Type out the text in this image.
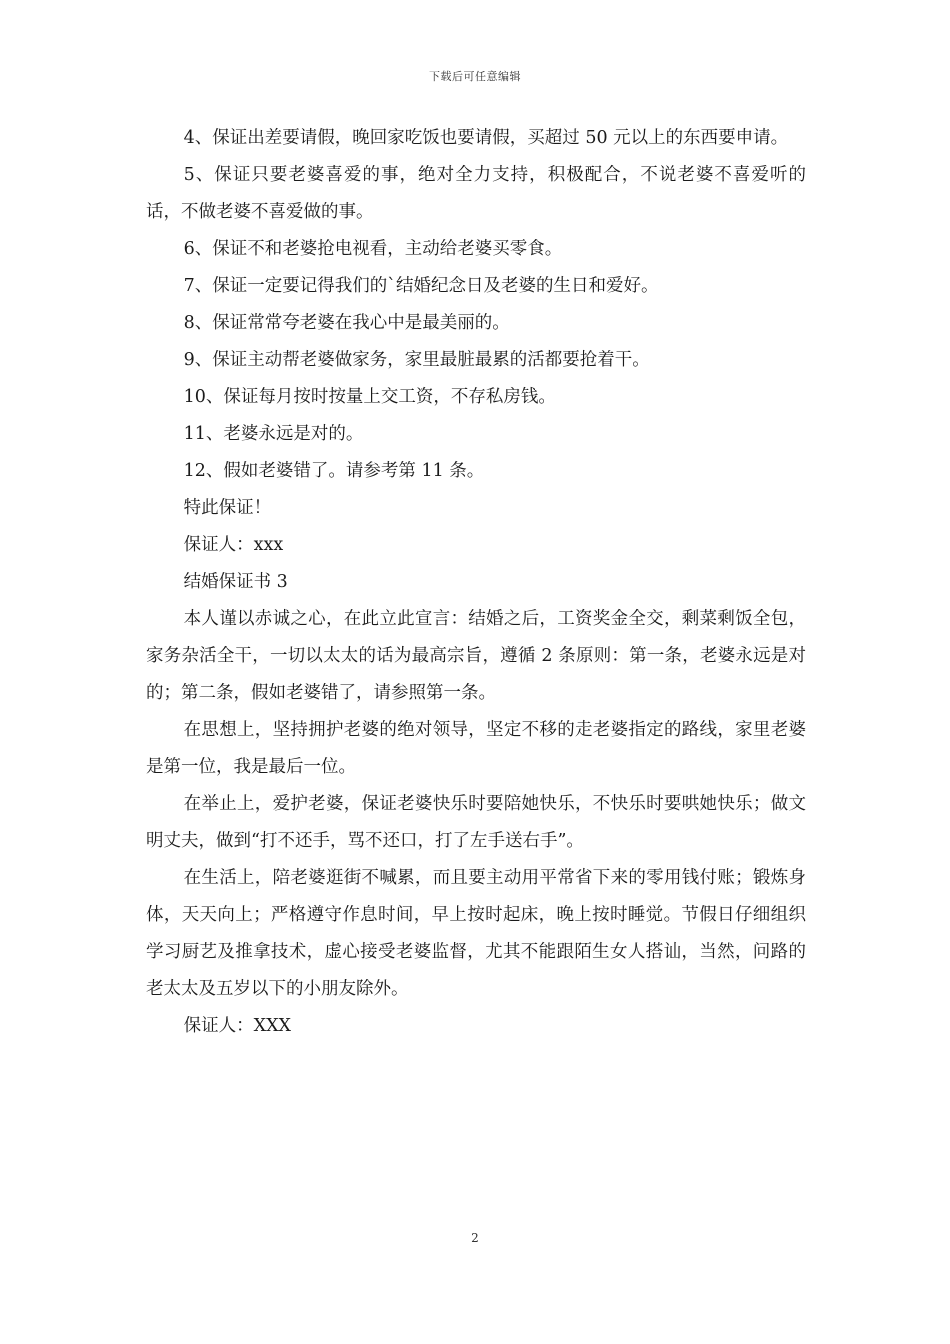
下载后可任意编辑

4、保证出差要请假，晚回家吃饭也要请假，买超过 50 元以上的东西要申请。

5、保证只要老婆喜爱的事，绝对全力支持，积极配合，不说老婆不喜爱听的话，不做老婆不喜爱做的事。

6、保证不和老婆抢电视看，主动给老婆买零食。

7、保证一定要记得我们的`结婚纪念日及老婆的生日和爱好。

8、保证常常夸老婆在我心中是最美丽的。

9、保证主动帮老婆做家务，家里最脏最累的活都要抢着干。

10、保证每月按时按量上交工资，不存私房钱。

11、老婆永远是对的。

12、假如老婆错了。请参考第 11 条。

特此保证！

保证人：xxx

结婚保证书 3

本人谨以赤诚之心，在此立此宣言：结婚之后，工资奖金全交，剩菜剩饭全包，家务杂活全干，一切以太太的话为最高宗旨，遵循 2 条原则：第一条，老婆永远是对的；第二条，假如老婆错了，请参照第一条。

在思想上，坚持拥护老婆的绝对领导，坚定不移的走老婆指定的路线，家里老婆是第一位，我是最后一位。

在举止上，爱护老婆，保证老婆快乐时要陪她快乐，不快乐时要哄她快乐；做文明丈夫，做到“打不还手，骂不还口，打了左手送右手”。

在生活上，陪老婆逛街不喊累，而且要主动用平常省下来的零用钱付账；锻炼身体，天天向上；严格遵守作息时间，早上按时起床，晚上按时睡觉。节假日仔细组织学习厨艺及推拿技术，虚心接受老婆监督，尤其不能跟陌生女人搭讪，当然，问路的老太太及五岁以下的小朋友除外。

保证人：XXX

2
